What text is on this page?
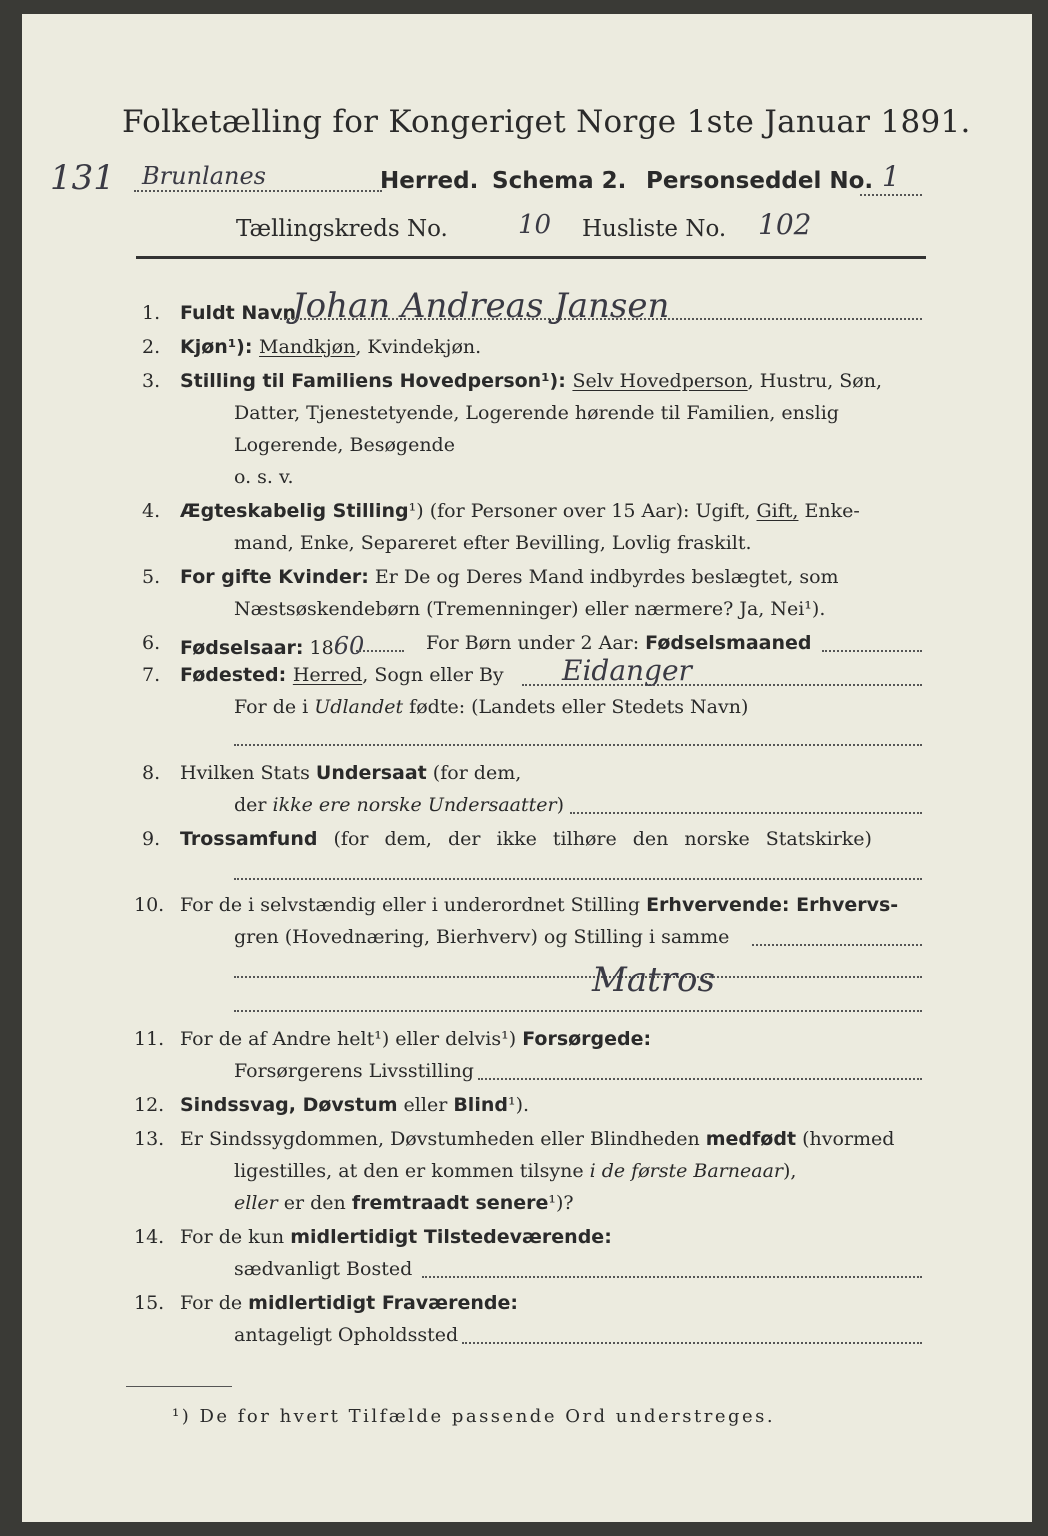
Folketælling for Kongeriget Norge 1ste Januar 1891.
131 Brunlanes	Herred. Schema 2. Personseddel No. 1
Tællingskreds No.	10 Husliste No. 102
1. Fuldt Navn
Johan Andreas Jansen
2. Kjøn¹): Mandkjøn, Kvindekjøn.
3. Stilling til Familiens Hovedperson¹): Selv Hovedperson, Hustru, Søn,
Datter, Tjenestetyende, Logerende hørende til Familien, enslig
Logerende, Besøgende
o. s. v.
4. Ægteskabelig Stilling¹) (for Personer over 15 Aar): Ugift, Gift, Enke-
mand, Enke, Separeret efter Bevilling, Lovlig fraskilt.
5. For gifte Kvinder: Er De og Deres Mand indbyrdes beslægtet, som
Næstsøskendebørn (Tremenninger) eller nærmere? Ja, Nei¹).
6. Fødselsaar: 1860	For Børn under 2 Aar: Fødselsmaaned
7. Fødested: Herred, Sogn eller By Eidanger
For de i Udlandet fødte: (Landets eller Stedets Navn)
8. Hvilken Stats Undersaat (for dem,
der ikke ere norske Undersaatter)
9. Trossamfund (for dem, der ikke tilhøre den norske Statskirke)
10. For de i selvstændig eller i underordnet Stilling Erhvervende: Erhvervs-
gren (Hovednæring, Bierhverv) og Stilling i samme
Matros
11. For de af Andre helt¹) eller delvis¹) Forsørgede:
Forsørgerens Livsstilling
12. Sindssvag, Døvstum eller Blind¹).
13. Er Sindssygdommen, Døvstumheden eller Blindheden medfødt (hvormed
ligestilles, at den er kommen tilsyne i de første Barneaar),
eller er den fremtraadt senere¹)?
14. For de kun midlertidigt Tilstedeværende:
sædvanligt Bosted
15. For de midlertidigt Fraværende:
antageligt Opholdssted
¹) De for hvert Tilfælde passende Ord understreges.
